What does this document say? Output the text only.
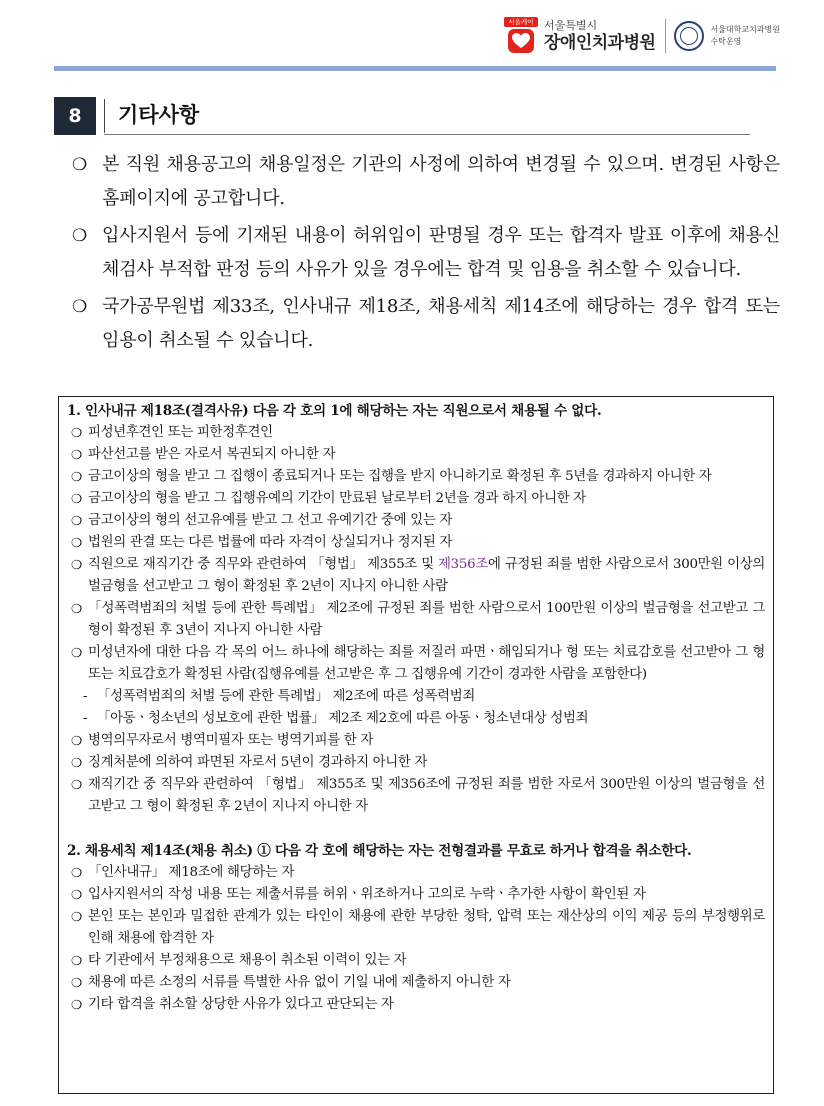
서울케어 서울특별시
장애인치과병원
서울대학교치과병원
수탁운영
8	기타사항
❍ 본 직원 채용공고의 채용일정은 기관의 사정에 의하여 변경될 수 있으며. 변경된 사항은 홈페이지에 공고합니다.
❍ 입사지원서 등에 기재된 내용이 허위임이 판명될 경우 또는 합격자 발표 이후에 채용신체검사 부적합 판정 등의 사유가 있을 경우에는 합격 및 임용을 취소할 수 있습니다.
❍ 국가공무원법 제33조, 인사내규 제18조, 채용세칙 제14조에 해당하는 경우 합격 또는 임용이 취소될 수 있습니다.
1. 인사내규 제18조(결격사유) 다음 각 호의 1에 해당하는 자는 직원으로서 채용될 수 없다.
❍ 피성년후견인 또는 피한정후견인
❍ 파산선고를 받은 자로서 복권되지 아니한 자
❍ 금고이상의 형을 받고 그 집행이 종료되거나 또는 집행을 받지 아니하기로 확정된 후 5년을 경과하지 아니한 자
❍ 금고이상의 형을 받고 그 집행유예의 기간이 만료된 날로부터 2년을 경과 하지 아니한 자
❍ 금고이상의 형의 선고유예를 받고 그 선고 유예기간 중에 있는 자
❍ 법원의 관결 또는 다른 법률에 따라 자격이 상실되거나 정지된 자
❍ 직원으로 재직기간 중 직무와 관련하여 「형법」 제355조 및 제356조에 규정된 죄를 범한 사람으로서 300만원 이상의 벌금형을 선고받고 그 형이 확정된 후 2년이 지나지 아니한 사람
❍ 「성폭력범죄의 처벌 등에 관한 특례법」 제2조에 규정된 죄를 범한 사람으로서 100만원 이상의 벌금형을 선고받고 그 형이 확정된 후 3년이 지나지 아니한 사람
❍ 미성년자에 대한 다음 각 목의 어느 하나에 해당하는 죄를 저질러 파면ㆍ해임되거나 형 또는 치료감호를 선고받아 그 형 또는 치료감호가 확정된 사람(집행유예를 선고받은 후 그 집행유예 기간이 경과한 사람을 포함한다)
- 「성폭력범죄의 처벌 등에 관한 특례법」 제2조에 따른 성폭력범죄
- 「아동ㆍ청소년의 성보호에 관한 법률」 제2조 제2호에 따른 아동ㆍ청소년대상 성범죄
❍ 병역의무자로서 병역미필자 또는 병역기피를 한 자
❍ 징계처분에 의하여 파면된 자로서 5년이 경과하지 아니한 자
❍ 재직기간 중 직무와 관련하여 「형법」 제355조 및 제356조에 규정된 죄를 범한 자로서 300만원 이상의 벌금형을 선고받고 그 형이 확정된 후 2년이 지나지 아니한 자
2. 채용세칙 제14조(채용 취소) ① 다음 각 호에 해당하는 자는 전형결과를 무효로 하거나 합격을 취소한다.
❍ 「인사내규」 제18조에 해당하는 자
❍ 입사지원서의 작성 내용 또는 제출서류를 허위ㆍ위조하거나 고의로 누락ㆍ추가한 사항이 확인된 자
❍ 본인 또는 본인과 밀접한 관계가 있는 타인이 채용에 관한 부당한 청탁, 압력 또는 재산상의 이익 제공 등의 부정행위로 인해 채용에 합격한 자
❍ 타 기관에서 부정채용으로 채용이 취소된 이력이 있는 자
❍ 채용에 따른 소정의 서류를 특별한 사유 없이 기일 내에 제출하지 아니한 자
❍ 기타 합격을 취소할 상당한 사유가 있다고 판단되는 자
